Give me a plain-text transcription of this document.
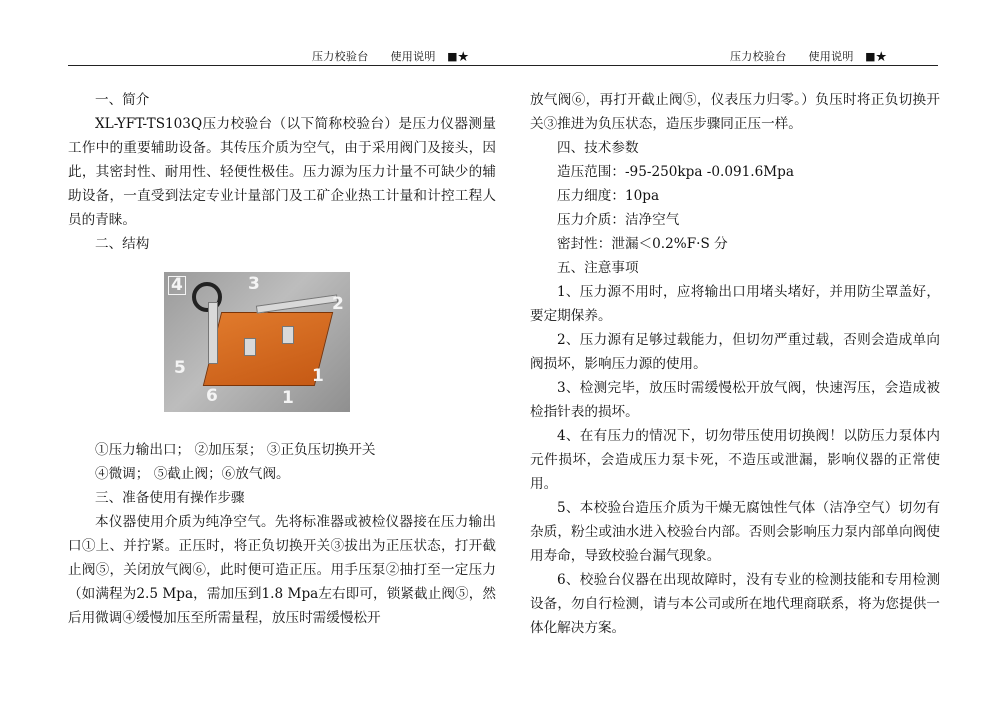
压力校验台 使用说明 ■★	压力校验台 使用说明 ■★

一、简介

XL-YFT-TS103Q压力校验台（以下简称校验台）是压力仪器测量工作中的重要辅助设备。其传压介质为空气，由于采用阀门及接头，因此，其密封性、耐用性、轻便性极佳。压力源为压力计量不可缺少的辅助设备，一直受到法定专业计量部门及工矿企业热工计量和计控工程人员的青睐。

二、结构

1
2
3
4
5
6	1

①压力输出口； ②加压泵； ③正负压切换开关

④微调； ⑤截止阀；⑥放气阀。

三、准备使用有操作步骤

本仪器使用介质为纯净空气。先将标准器或被检仪器接在压力输出口①上、并拧紧。正压时，将正负切换开关③拔出为正压状态，打开截止阀⑤，关闭放气阀⑥，此时便可造正压。用手压泵②抽打至一定压力（如满程为2.5 Mpa，需加压到1.8 Mpa左右即可，锁紧截止阀⑤，然后用微调④缓慢加压至所需量程，放压时需缓慢松开

放气阀⑥，再打开截止阀⑤，仪表压力归零。）负压时将正负切换开关③推进为负压状态，造压步骤同正压一样。

四、技术参数

造压范围：-95-250kpa -0.091.6Mpa

压力细度：10pa

压力介质：洁净空气

密封性：泄漏＜0.2%F·S 分

五、注意事项

1、压力源不用时，应将输出口用堵头堵好，并用防尘罩盖好，要定期保养。

2、压力源有足够过载能力，但切勿严重过载，否则会造成单向阀损坏，影响压力源的使用。

3、检测完毕，放压时需缓慢松开放气阀，快速泻压，会造成被检指针表的损坏。

4、在有压力的情况下，切勿带压使用切换阀！以防压力泵体内元件损坏，会造成压力泵卡死，不造压或泄漏，影响仪器的正常使用。

5、本校验台造压介质为干燥无腐蚀性气体（洁净空气）切勿有杂质，粉尘或油水进入校验台内部。否则会影响压力泵内部单向阀使用寿命，导致校验台漏气现象。

6、校验台仪器在出现故障时，没有专业的检测技能和专用检测设备，勿自行检测，请与本公司或所在地代理商联系，将为您提供一体化解决方案。
